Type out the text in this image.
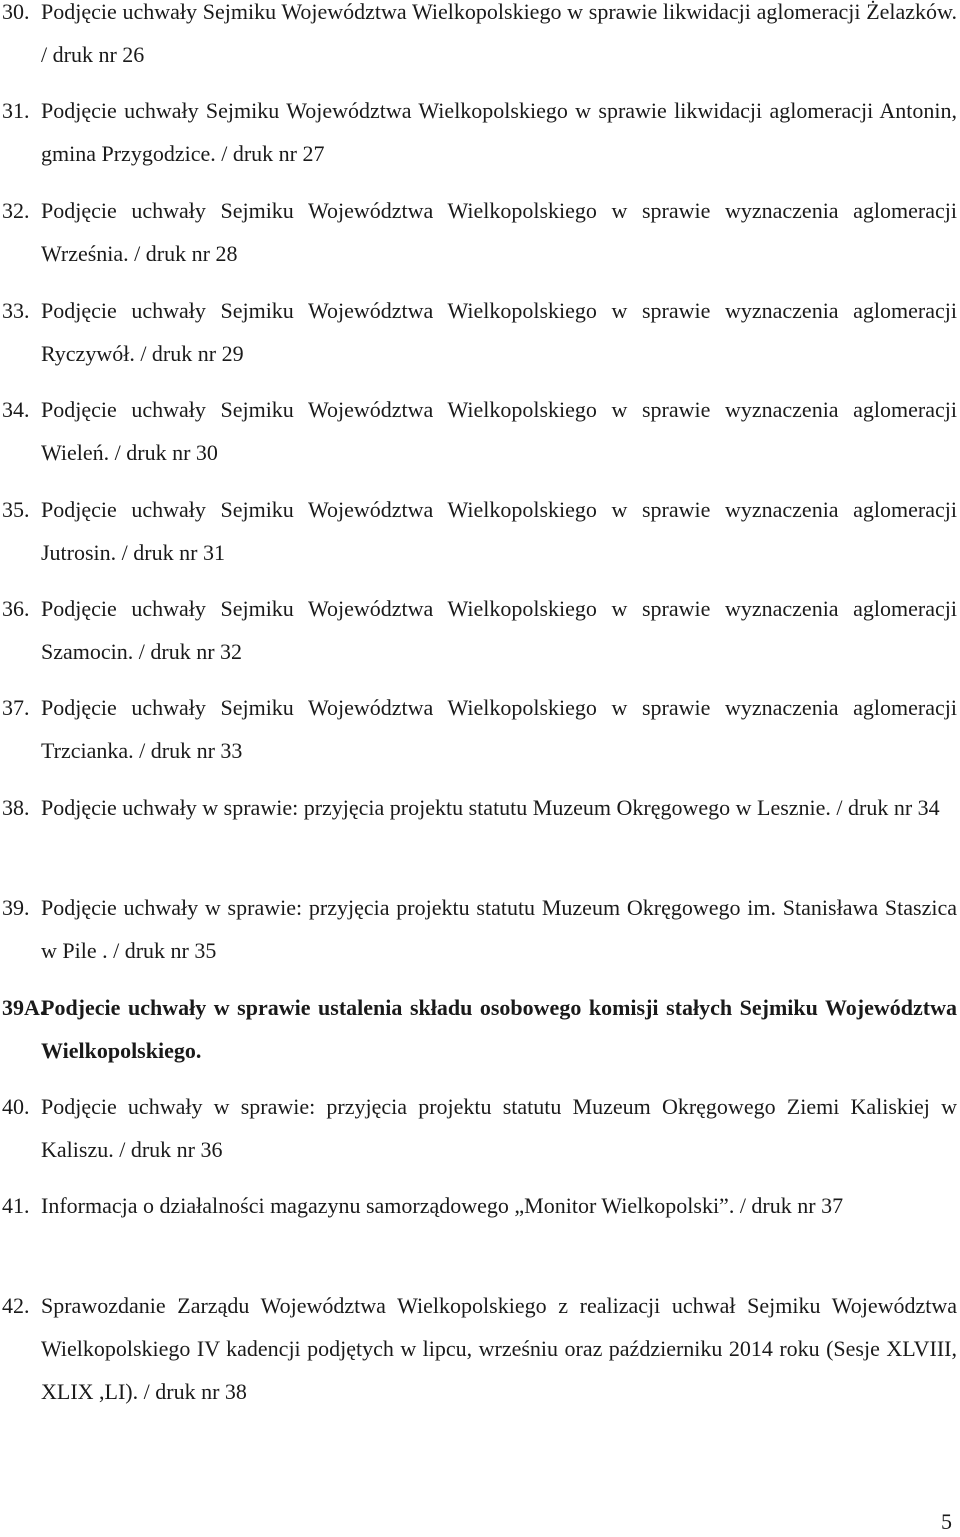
30. Podjęcie uchwały Sejmiku Województwa Wielkopolskiego w sprawie likwidacji aglomeracji Żelazków. / druk nr 26
31. Podjęcie uchwały Sejmiku Województwa Wielkopolskiego w sprawie likwidacji aglomeracji Antonin, gmina Przygodzice. / druk nr 27
32. Podjęcie uchwały Sejmiku Województwa Wielkopolskiego w sprawie wyznaczenia aglomeracji Września. / druk nr 28
33. Podjęcie uchwały Sejmiku Województwa Wielkopolskiego w sprawie wyznaczenia aglomeracji Ryczywół. / druk nr 29
34. Podjęcie uchwały Sejmiku Województwa Wielkopolskiego w sprawie wyznaczenia aglomeracji Wieleń. / druk nr 30
35. Podjęcie uchwały Sejmiku Województwa Wielkopolskiego w sprawie wyznaczenia aglomeracji Jutrosin. / druk nr 31
36. Podjęcie uchwały Sejmiku Województwa Wielkopolskiego w sprawie wyznaczenia aglomeracji Szamocin. / druk nr 32
37. Podjęcie uchwały Sejmiku Województwa Wielkopolskiego w sprawie wyznaczenia aglomeracji Trzcianka. / druk nr 33
38. Podjęcie uchwały w sprawie: przyjęcia projektu statutu Muzeum Okręgowego w Lesznie. / druk nr 34
39. Podjęcie uchwały w sprawie: przyjęcia projektu statutu Muzeum Okręgowego im. Stanisława Staszica w Pile . / druk nr 35
39A.
Podjecie uchwały w sprawie ustalenia składu osobowego komisji stałych Sejmiku Województwa Wielkopolskiego.
40. Podjęcie uchwały w sprawie: przyjęcia projektu statutu Muzeum Okręgowego Ziemi Kaliskiej w Kaliszu. / druk nr 36
41. Informacja o działalności magazynu samorządowego „Monitor Wielkopolski”. / druk nr 37
42. Sprawozdanie Zarządu Województwa Wielkopolskiego z realizacji uchwał Sejmiku Województwa Wielkopolskiego IV kadencji podjętych w lipcu, wrześniu oraz październiku 2014 roku (Sesje XLVIII, XLIX ,LI). / druk nr 38
5
